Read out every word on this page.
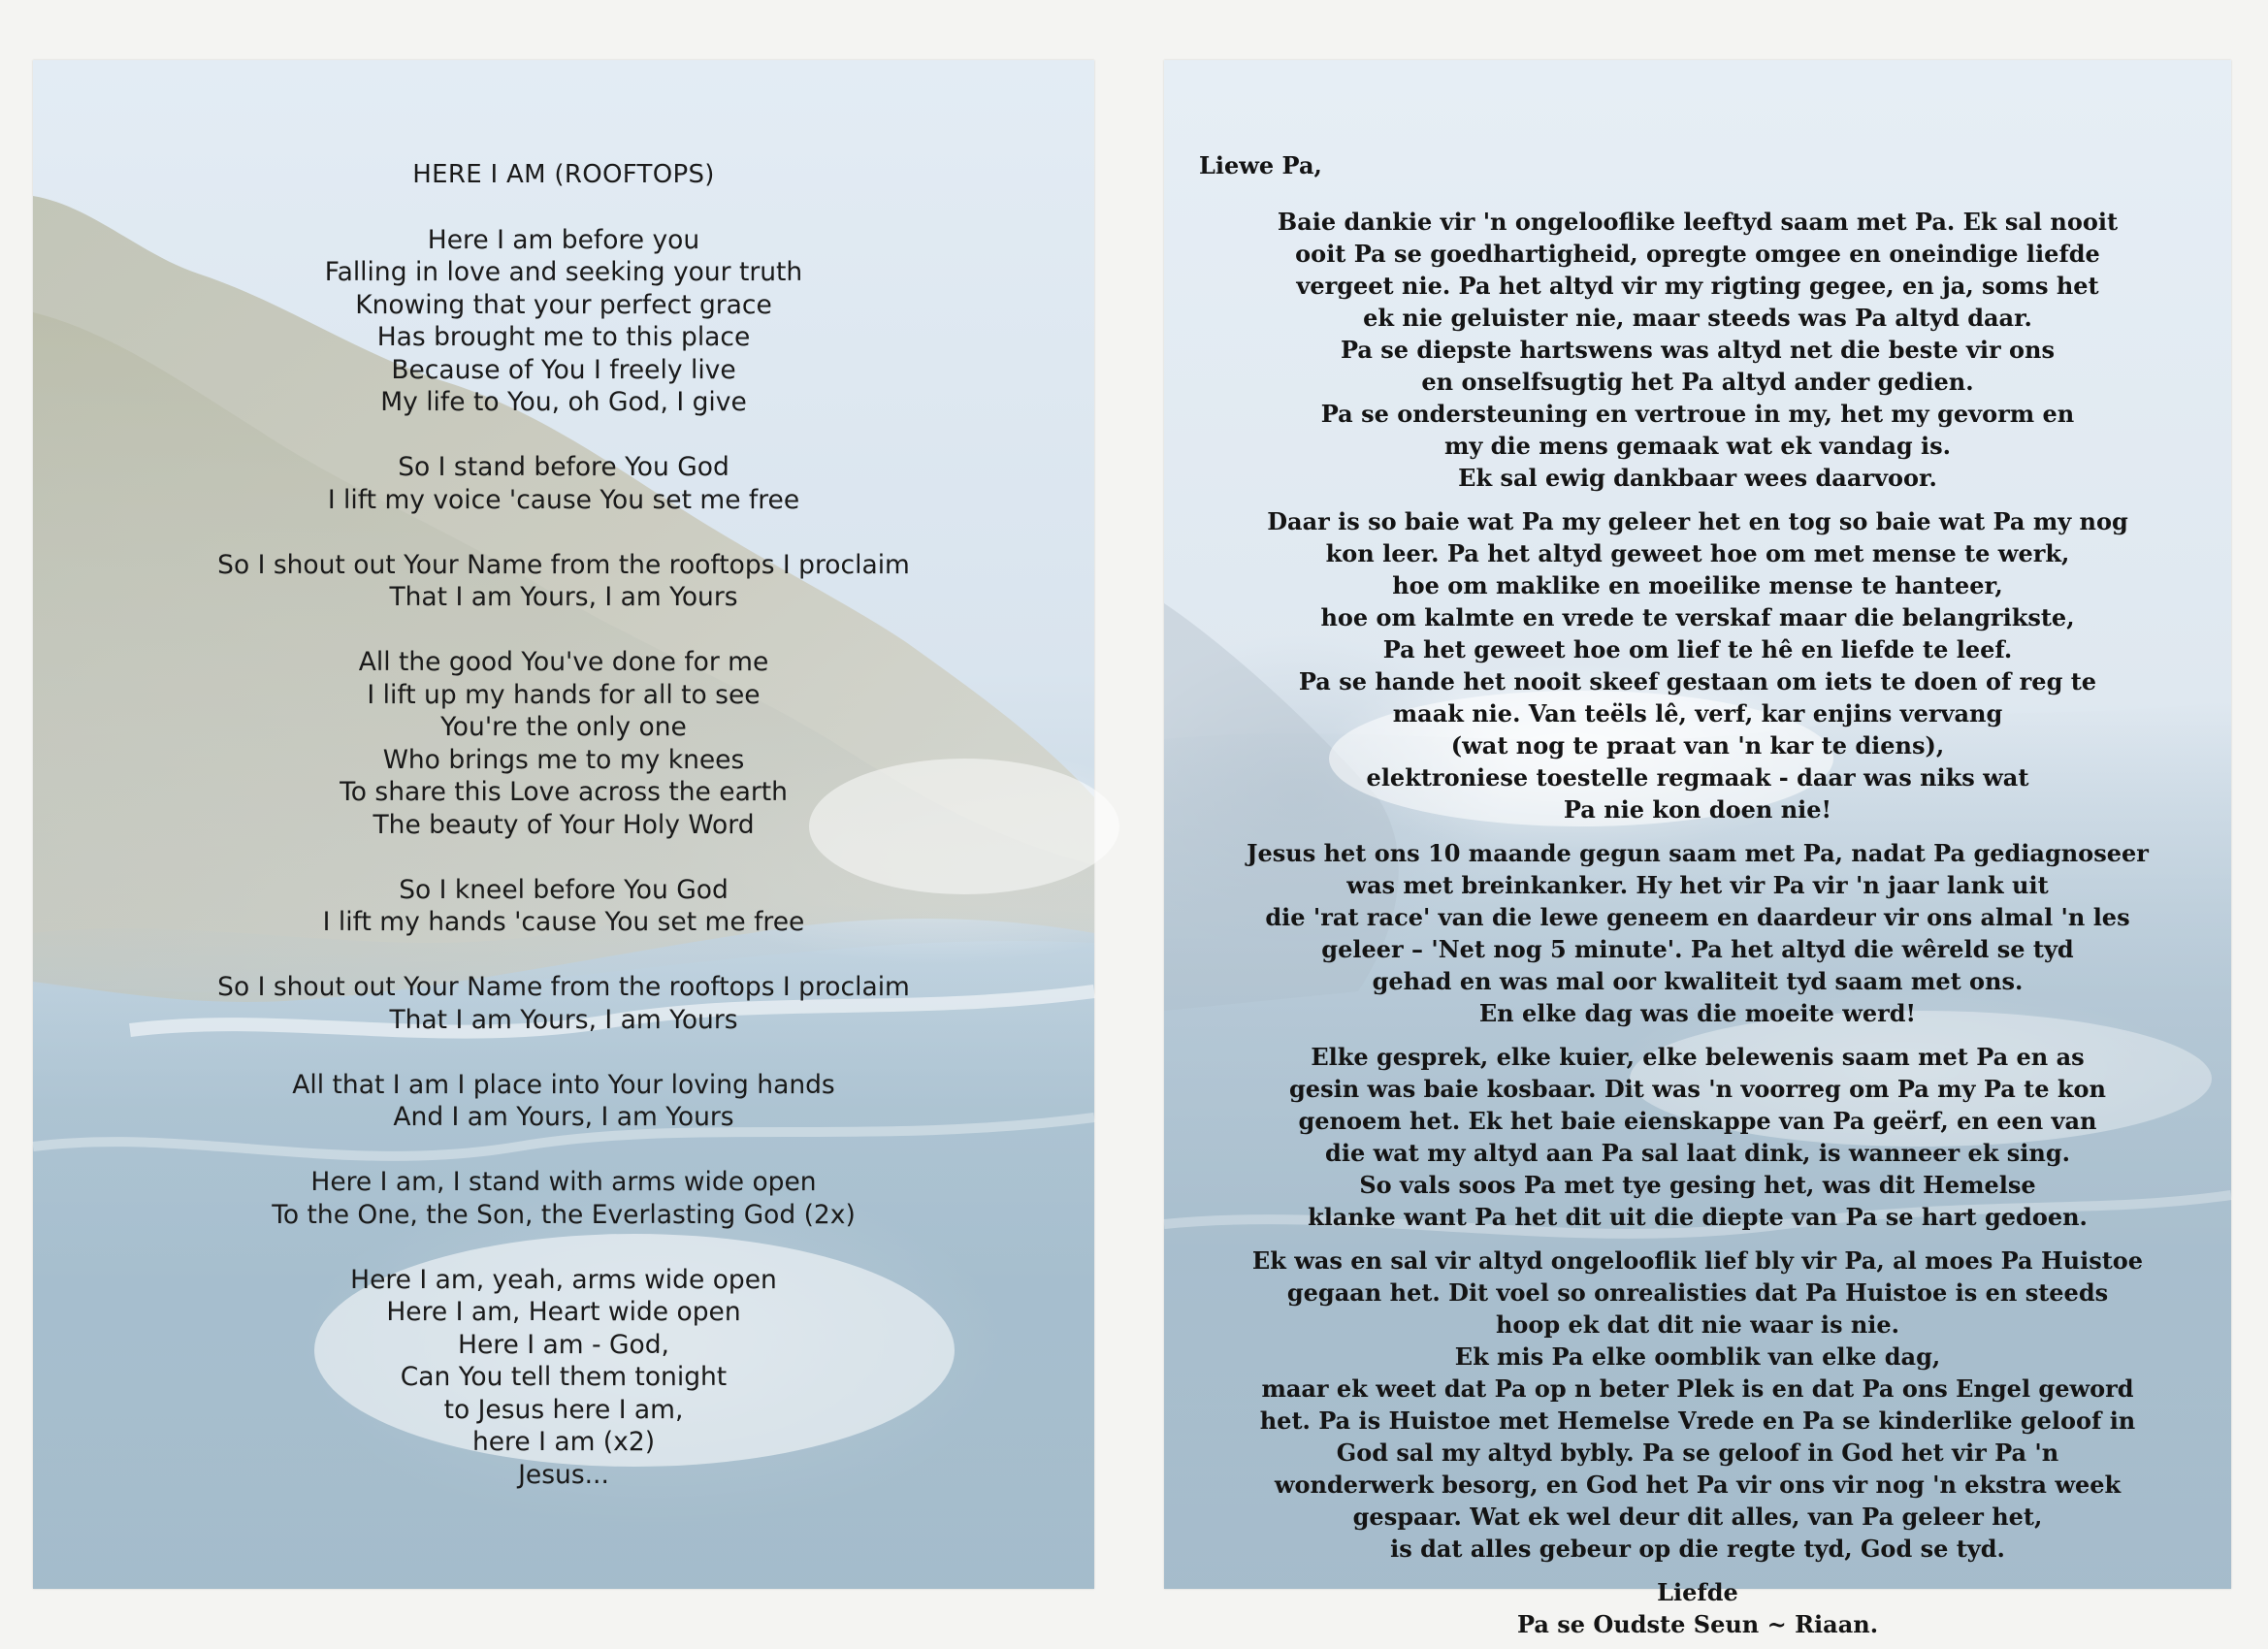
HERE I AM (ROOFTOPS)
Here I am before you
Falling in love and seeking your truth
Knowing that your perfect grace
Has brought me to this place
Because of You I freely live
My life to You, oh God, I give
So I stand before You God
I lift my voice 'cause You set me free
So I shout out Your Name from the rooftops I proclaim
That I am Yours, I am Yours
All the good You've done for me
I lift up my hands for all to see
You're the only one
Who brings me to my knees
To share this Love across the earth
The beauty of Your Holy Word
So I kneel before You God
I lift my hands 'cause You set me free
So I shout out Your Name from the rooftops I proclaim
That I am Yours, I am Yours
All that I am I place into Your loving hands
And I am Yours, I am Yours
Here I am, I stand with arms wide open
To the One, the Son, the Everlasting God (2x)
Here I am, yeah, arms wide open
Here I am, Heart wide open
Here I am - God,
Can You tell them tonight
to Jesus here I am,
here I am (x2)
Jesus...
Liewe Pa,
Baie dankie vir 'n ongelooflike leeftyd saam met Pa. Ek sal nooit
ooit Pa se goedhartigheid, opregte omgee en oneindige liefde
vergeet nie. Pa het altyd vir my rigting gegee, en ja, soms het
ek nie geluister nie, maar steeds was Pa altyd daar.
Pa se diepste hartswens was altyd net die beste vir ons
en onselfsugtig het Pa altyd ander gedien.
Pa se ondersteuning en vertroue in my, het my gevorm en
my die mens gemaak wat ek vandag is.
Ek sal ewig dankbaar wees daarvoor.
Daar is so baie wat Pa my geleer het en tog so baie wat Pa my nog
kon leer. Pa het altyd geweet hoe om met mense te werk,
hoe om maklike en moeilike mense te hanteer,
hoe om kalmte en vrede te verskaf maar die belangrikste,
Pa het geweet hoe om lief te hê en liefde te leef.
Pa se hande het nooit skeef gestaan om iets te doen of reg te
maak nie. Van teëls lê, verf, kar enjins vervang
(wat nog te praat van 'n kar te diens),
elektroniese toestelle regmaak - daar was niks wat
Pa nie kon doen nie!
Jesus het ons 10 maande gegun saam met Pa, nadat Pa gediagnoseer
was met breinkanker. Hy het vir Pa vir 'n jaar lank uit
die 'rat race' van die lewe geneem en daardeur vir ons almal 'n les
geleer – 'Net nog 5 minute'. Pa het altyd die wêreld se tyd
gehad en was mal oor kwaliteit tyd saam met ons.
En elke dag was die moeite werd!
Elke gesprek, elke kuier, elke belewenis saam met Pa en as
gesin was baie kosbaar. Dit was 'n voorreg om Pa my Pa te kon
genoem het. Ek het baie eienskappe van Pa geërf, en een van
die wat my altyd aan Pa sal laat dink, is wanneer ek sing.
So vals soos Pa met tye gesing het, was dit Hemelse
klanke want Pa het dit uit die diepte van Pa se hart gedoen.
Ek was en sal vir altyd ongelooflik lief bly vir Pa, al moes Pa Huistoe
gegaan het. Dit voel so onrealisties dat Pa Huistoe is en steeds
hoop ek dat dit nie waar is nie.
Ek mis Pa elke oomblik van elke dag,
maar ek weet dat Pa op n beter Plek is en dat Pa ons Engel geword
het. Pa is Huistoe met Hemelse Vrede en Pa se kinderlike geloof in
God sal my altyd bybly. Pa se geloof in God het vir Pa 'n
wonderwerk besorg, en God het Pa vir ons vir nog 'n ekstra week
gespaar. Wat ek wel deur dit alles, van Pa geleer het,
is dat alles gebeur op die regte tyd, God se tyd.
Liefde
Pa se Oudste Seun ~ Riaan.
